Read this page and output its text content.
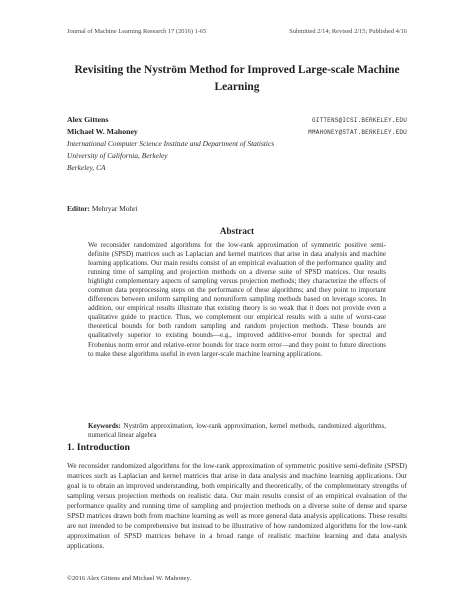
Journal of Machine Learning Research 17 (2016) 1-65	Submitted 2/14; Revised 2/15; Published 4/16
Revisiting the Nyström Method for Improved Large-scale Machine Learning
Alex Gittens	GITTENS@ICSI.BERKELEY.EDU
Michael W. Mahoney	MMAHONEY@STAT.BERKELEY.EDU
International Computer Science Institute and Department of Statistics
University of California, Berkeley
Berkeley, CA
Editor: Mehryar Mohri
Abstract
We reconsider randomized algorithms for the low-rank approximation of symmetric positive semi-definite (SPSD) matrices such as Laplacian and kernel matrices that arise in data analysis and machine learning applications. Our main results consist of an empirical evaluation of the performance quality and running time of sampling and projection methods on a diverse suite of SPSD matrices. Our results highlight complementary aspects of sampling versus projection methods; they characterize the effects of common data preprocessing steps on the performance of these algorithms; and they point to important differences between uniform sampling and nonuniform sampling methods based on leverage scores. In addition, our empirical results illustrate that existing theory is so weak that it does not provide even a qualitative guide to practice. Thus, we complement our empirical results with a suite of worst-case theoretical bounds for both random sampling and random projection methods. These bounds are qualitatively superior to existing bounds—e.g., improved additive-error bounds for spectral and Frobenius norm error and relative-error bounds for trace norm error—and they point to future directions to make these algorithms useful in even larger-scale machine learning applications.
Keywords: Nyström approximation, low-rank approximation, kernel methods, randomized algorithms, numerical linear algebra
1. Introduction
We reconsider randomized algorithms for the low-rank approximation of symmetric positive semi-definite (SPSD) matrices such as Laplacian and kernel matrices that arise in data analysis and machine learning applications. Our goal is to obtain an improved understanding, both empirically and theoretically, of the complementary strengths of sampling versus projection methods on realistic data. Our main results consist of an empirical evaluation of the performance quality and running time of sampling and projection methods on a diverse suite of dense and sparse SPSD matrices drawn both from machine learning as well as more general data analysis applications. These results are not intended to be comprehensive but instead to be illustrative of how randomized algorithms for the low-rank approximation of SPSD matrices behave in a broad range of realistic machine learning and data analysis applications.
©2016 Alex Gittens and Michael W. Mahoney.
